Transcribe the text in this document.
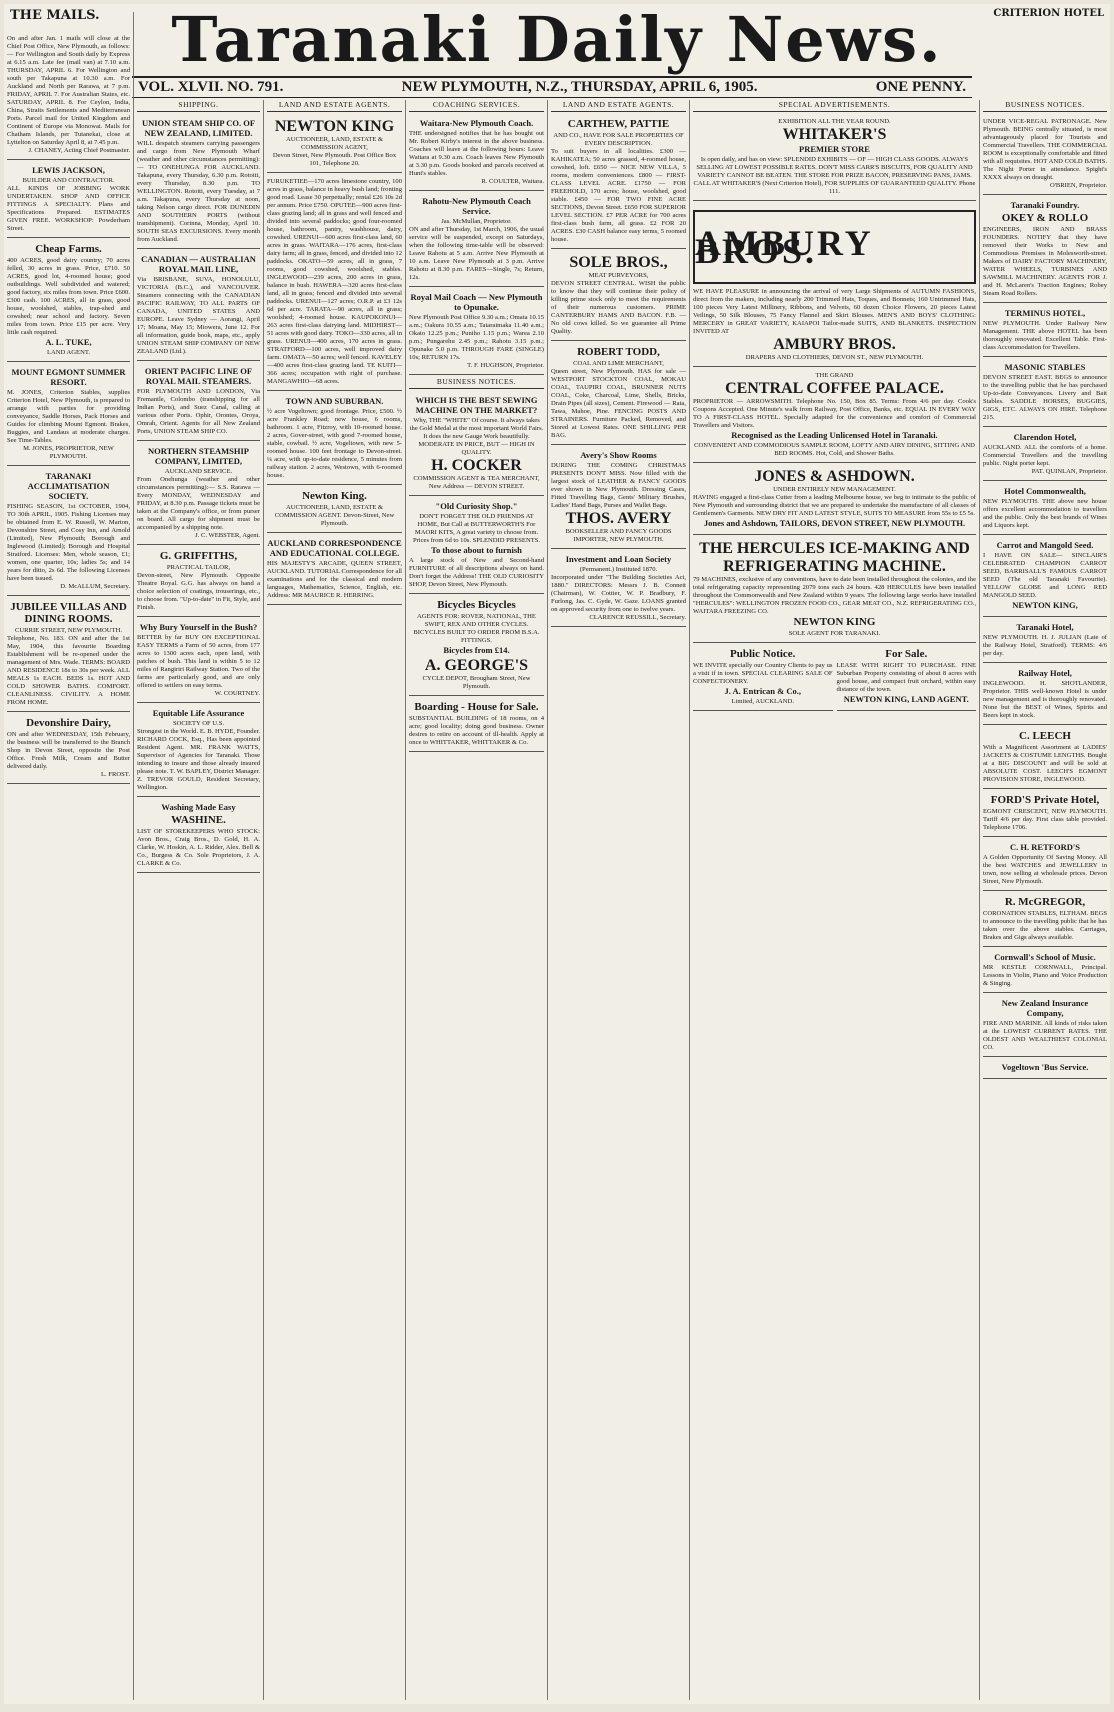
THE MAILS.	Taranaki Daily News.	CRITERION HOTEL
VOL. XLVII. NO. 791.	NEW PLYMOUTH, N.Z., THURSDAY, APRIL 6, 1905.	ONE PENNY.

On and after Jan. 1 mails will close at the Chief Post Office, New Plymouth, as follows:— For Wellington and South daily by Express at 6.15 a.m. Late fee (mail van) at 7.10 a.m. THURSDAY, APRIL 6. For Wellington and south per Takapuna at 10.30 a.m. For Auckland and North per Rarawa, at 7 p.m. FRIDAY, APRIL 7. For Australian States, etc. SATURDAY, APRIL 8. For Ceylon, India, China, Straits Settlements and Mediterranean Ports. Parcel mail for United Kingdom and Continent of Europe via Monowai. Mails for Chatham Islands, per Tutanekai, close at Lyttelton on Saturday April 8, at 7.45 p.m.

J. CHANEY, Acting Chief Postmaster.

LEWIS JACKSON,

BUILDER AND CONTRACTOR.

ALL KINDS OF JOBBING WORK UNDERTAKEN. SHOP AND OFFICE FITTINGS A SPECIALTY. Plans and Specifications Prepared. ESTIMATES GIVEN FREE. WORKSHOP: Powderham Street.

Cheap Farms.

400 ACRES, good dairy country; 70 acres felled, 30 acres in grass. Price, £710. 50 ACRES, good lot, 4-roomed house; good outbuildings. Well subdivided and watered; good factory, six miles from town. Price £600. £300 cash. 100 ACRES, all in grass, good house, woolshed, stables, trap-shed and cowshed; near school and factory. Seven miles from town. Price £15 per acre. Very little cash required.

A. L. TUKE,

LAND AGENT.

MOUNT EGMONT SUMMER RESORT.

M. JONES, Criterion Stables, supplies Criterion Hotel, New Plymouth, is prepared to arrange with parties for providing conveyance, Saddle Horses, Pack Horses and Guides for climbing Mount Egmont. Brakes, Buggies, and Landaus at moderate charges. See Time-Tables.

M. JONES, PROPRIETOR, NEW PLYMOUTH.

TARANAKI ACCLIMATISATION SOCIETY.

FISHING SEASON, 1st OCTOBER, 1904, TO 30th APRIL, 1905. Fishing Licenses may be obtained from E. W. Russell, W. Marton, Devonshire Street, and Cosy Inn, and Arnold (Limited), New Plymouth; Borough and Inglewood (Limited); Borough and Hospital Stratford. Licenses: Men, whole season, £1; women, one quarter, 10s; ladies 5s; and 14 years for ditto, 2s 6d. The following Licenses have been issued.

D. McALLUM, Secretary.

JUBILEE VILLAS AND DINING ROOMS.

CURRIE STREET, NEW PLYMOUTH.

Telephone, No. 183. ON and after the 1st May, 1904, this favourite Boarding Establishment will be re-opened under the management of Mrs. Wade. TERMS: BOARD AND RESIDENCE 18s to 30s per week. ALL MEALS 1s EACH. BEDS 1s. HOT AND COLD SHOWER BATHS. COMFORT. CLEANLINESS. CIVILITY. A HOME FROM HOME.

Devonshire Dairy,

ON and after WEDNESDAY, 15th February, the business will be transferred to the Branch Shop in Devon Street, opposite the Post Office. Fresh Milk, Cream and Butter delivered daily.

L. FROST.

SHIPPING.
UNION STEAM SHIP CO. OF NEW ZEALAND, LIMITED.

WILL despatch steamers carrying passengers and cargo from New Plymouth Wharf (weather and other circumstances permitting):— TO ONEHUNGA FOR AUCKLAND. Takapuna, every Thursday, 6.30 p.m. Rotoiti, every Thursday, 8.30 p.m. TO WELLINGTON. Rotoiti, every Tuesday, at 7 a.m. Takapuna, every Thursday at noon, taking Nelson cargo direct. FOR DUNEDIN AND SOUTHERN PORTS (without transhipment). Corinna, Monday, April 10. SOUTH SEAS EXCURSIONS. Every month from Auckland.

CANADIAN — AUSTRALIAN ROYAL MAIL LINE,

Via BRISBANE, SUVA, HONOLULU, VICTORIA (B.C.), and VANCOUVER. Steamers connecting with the CANADIAN PACIFIC RAILWAY, TO ALL PARTS OF CANADA, UNITED STATES AND EUROPE. Leave Sydney — Aorangi, April 17; Moana, May 15; Miowera, June 12. For all information, guide book, maps, etc., apply UNION STEAM SHIP COMPANY OF NEW ZEALAND (Ltd.).

ORIENT PACIFIC LINE OF ROYAL MAIL STEAMERS.

FOR PLYMOUTH AND LONDON, Via Fremantle, Colombo (transhipping for all Indian Ports), and Suez Canal, calling at various other Ports. Ophir, Orontes, Oroya, Omrah, Orient. Agents for all New Zealand Ports, UNION STEAM SHIP CO.

NORTHERN STEAMSHIP COMPANY, LIMITED,

AUCKLAND SERVICE.

From Onehunga (weather and other circumstances permitting):— S.S. Rarawa — Every MONDAY, WEDNESDAY and FRIDAY, at 8.30 p.m. Passage tickets must be taken at the Company's office, or from purser on board. All cargo for shipment must be accompanied by a shipping note.

J. C. WEBSTER, Agent.

G. GRIFFITHS,

PRACTICAL TAILOR,

Devon-street, New Plymouth. Opposite Theatre Royal. G.G. has always on hand a choice selection of coatings, trouserings, etc., to choose from. "Up-to-date" in Fit, Style, and Finish.

Why Bury Yourself in the Bush?

BETTER by far BUY ON EXCEPTIONAL EASY TERMS a Farm of 50 acres, from 177 acres to 1300 acres each, open land, with patches of bush. This land is within 5 to 12 miles of Rangiriri Railway Station. Two of the farms are particularly good, and are only offered to settlers on easy terms.

W. COURTNEY.

Equitable Life Assurance

SOCIETY OF U.S.

Strongest in the World. E. B. HYDE, Founder. RICHARD COCK, Esq., Has been appointed Resident Agent. MR. FRANK WATTS, Supervisor of Agencies for Taranaki. Those intending to insure and those already insured please note. T. W. BAPLEY, District Manager. Z. TREVOR GOULD, Resident Secretary, Wellington.

Washing Made Easy
WASHINE.

LIST OF STOREKEEPERS WHO STOCK: Avon Bros., Craig Bros., D. Gold, H. A. Clarke, W. Hoskin, A. L. Ridder, Alex. Bell & Co., Burgess & Co. Sole Proprietors, J. A. CLARKE & Co.

LAND AND ESTATE AGENTS.
NEWTON KING

AUCTIONEER, LAND, ESTATE & COMMISSION AGENT,

Devon Street, New Plymouth. Post Office Box 101, Telephone 20.

FURUKETIEE—170 acres limestone country, 100 acres in grass, balance in heavy bush land; fronting good road. Lease 30 perpetually; rental £26 10s 2d per annum. Price £750. OPUTEE—900 acres first-class grazing land; all in grass and well fenced and divided into several paddocks; good four-roomed house, bathroom, pantry, washhouse, dairy, cowshed. URENUI—600 acres first-class land, 60 acres in grass. WAITARA—176 acres, first-class dairy farm; all in grass, fenced, and divided into 12 paddocks. OKATO—59 acres, all in grass, 7 rooms, good cowshed, woolshed, stables. INGLEWOOD—239 acres, 200 acres in grass, balance in bush. HAWERA—320 acres first-class land, all in grass; fenced and divided into several paddocks. URENUI—127 acres; O.R.P. at £3 12s 6d per acre. TARATA—90 acres, all in grass; woolshed; 4-roomed house. KAUPOKONUI—263 acres first-class dairying land. MIDHIRST—51 acres with good dairy. TOKO—330 acres, all in grass. URENUI—400 acres, 170 acres in grass. STRATFORD—100 acres, well improved dairy farm. OMATA—50 acres; well fenced. KAVELEY—400 acres first-class grazing land. TE KUITI—366 acres; occupation with right of purchase. MANGAWHIO—68 acres.

TOWN AND SUBURBAN.

½ acre Vogeltown; good frontage. Price, £500. ½ acre Frankley Road; new house, 6 rooms, bathroom. 1 acre, Fitzroy, with 10-roomed house. 2 acres, Gover-street, with good 7-roomed house, stable, cowbail. ½ acre, Vogeltown, with new 5-roomed house. 100 feet frontage to Devon-street. ¼ acre, with up-to-date residence, 5 minutes from railway station. 2 acres, Westown, with 6-roomed house.

Newton King.

AUCTIONEER, LAND, ESTATE & COMMISSION AGENT. Devon-Street, New Plymouth.

AUCKLAND CORRESPONDENCE AND EDUCATIONAL COLLEGE.

HIS MAJESTY'S ARCADE, QUEEN STREET, AUCKLAND. TUTORIAL Correspondence for all examinations and for the classical and modern languages, Mathematics, Science, English, etc. Address: MR MAURICE R. HERRING.

COACHING SERVICES.
Waitara-New Plymouth Coach.

THE undersigned notifies that he has bought out Mr. Robert Kirby's interest in the above business. Coaches will leave at the following hours: Leave Waitara at 9.30 a.m. Coach leaves New Plymouth at 3.30 p.m. Goods booked and parcels received at Hunt's stables.

R. COULTER, Waitara.

Rahotu-New Plymouth Coach Service.

Jas. McMullan, Proprietor.

ON and after Thursday, 1st March, 1906, the usual service will be suspended, except on Saturdays, when the following time-table will be observed: Leave Rahotu at 5 a.m. Arrive New Plymouth at 10 a.m. Leave New Plymouth at 3 p.m. Arrive Rahotu at 8.30 p.m. FARES—Single, 7s; Return, 12s.

Royal Mail Coach — New Plymouth to Opunake.

New Plymouth Post Office 9.30 a.m.; Omata 10.15 a.m.; Oakura 10.55 a.m.; Tataraimaka 11.40 a.m.; Okato 12.25 p.m.; Puniho 1.15 p.m.; Warea 2.10 p.m.; Pungarehu 2.45 p.m.; Rahotu 3.15 p.m.; Opunake 5.0 p.m. THROUGH FARE (SINGLE) 10s; RETURN 17s.

T. F. HUGHSON, Proprietor.

BUSINESS NOTICES.
WHICH IS THE BEST SEWING MACHINE ON THE MARKET?

Why, THE "WHITE" Of course. It always takes the Gold Medal at the most important World Fairs. It does the new Gauge Work beautifully. MODERATE IN PRICE, BUT — HIGH IN QUALITY.

H. COCKER

COMMISSION AGENT & TEA MERCHANT, New Address — DEVON STREET.

"Old Curiosity Shop."

DON'T FORGET THE OLD FRIENDS AT HOME, But Call at BUTTERWORTH'S For MAORI KITS, A great variety to choose from. Prices from 6d to 10s. SPLENDID PRESENTS.

To those about to furnish

A large stock of New and Second-hand FURNITURE of all descriptions always on hand. Don't forget the Address! THE OLD CURIOSITY SHOP, Devon Street, New Plymouth.

Bicycles Bicycles

AGENTS FOR: ROVER, NATIONAL, THE SWIFT, REX AND OTHER CYCLES. BICYCLES BUILT TO ORDER FROM B.S.A. FITTINGS.

Bicycles from £14.
A. GEORGE'S

CYCLE DEPOT, Brougham Street, New Plymouth.

Boarding - House for Sale.

SUBSTANTIAL BUILDING of 18 rooms, on 4 acre; good locality; doing good business. Owner desires to retire on account of ill-health. Apply at once to WHITTAKER, WHITTAKER & Co.

LAND AND ESTATE AGENTS.
CARTHEW, PATTIE

AND CO., HAVE FOR SALE PROPERTIES OF EVERY DESCRIPTION.

To suit buyers in all localities. £300 — KAHIKATEA; 50 acres grassed, 4-roomed house, cowshed, loft. £650 — NICE NEW VILLA, 5 rooms, modern conveniences. £800 — FIRST-CLASS LEVEL ACRE. £1750 — FOR FREEHOLD, 170 acres; house, woolshed, good stable. £450 — FOR TWO FINE ACRE SECTIONS, Devon Street. £650 FOR SUPERIOR LEVEL SECTION. £7 PER ACRE for 700 acres first-class bush farm, all grass. £2 FOR 20 ACRES. £30 CASH balance easy terms, 5 roomed house.

SOLE BROS.,

MEAT PURVEYORS,

DEVON STREET CENTRAL. WISH the public to know that they will continue their policy of killing prime stock only to meet the requirements of their numerous customers. PRIME CANTERBURY HAMS AND BACON. F.B. — No old cows killed. So we guarantee all Prime Quality.

ROBERT TODD,

COAL AND LIME MERCHANT,

Queen street, New Plymouth. HAS for sale — WESTPORT STOCKTON COAL, MOKAU COAL, TAUPIRI COAL, BRUNNER NUTS COAL, Coke, Charcoal, Lime, Shells, Bricks, Drain Pipes (all sizes), Cement. Firewood — Rata, Tawa, Mahoe, Pine. FENCING POSTS AND STRAINERS. Furniture Packed, Removed, and Stored at Lowest Rates. ONE SHILLING PER BAG.

Avery's Show Rooms

DURING THE COMING CHRISTMAS PRESENTS DON'T MISS. Now filled with the largest stock of LEATHER & FANCY GOODS ever shown in New Plymouth. Dressing Cases, Fitted Travelling Bags, Gents' Military Brushes, Ladies' Hand Bags, Purses and Wallet Bags.

THOS. AVERY

BOOKSELLER AND FANCY GOODS IMPORTER, NEW PLYMOUTH.

Investment and Loan Society

(Permanent.) Instituted 1870.

Incorporated under "The Building Societies Act, 1880." DIRECTORS: Messrs J. B. Connett (Chairman), W. Cottier, W. P. Bradbury, F. Furlong, Jas. C. Gyde, W. Gaze. LOANS granted on approved security from one to twelve years.

CLARENCE REUSSILL, Secretary.

SPECIAL ADVERTISEMENTS.

EXHIBITION ALL THE YEAR ROUND.

WHITAKER'S
PREMIER STORE

Is open daily, and has on view: SPLENDID EXHIBITS — OF — HIGH CLASS GOODS. ALWAYS SELLING AT LOWEST POSSIBLE RATES. DON'T MISS CARR'S BISCUITS, FOR QUALITY AND VARIETY CANNOT BE BEATEN. THE STORE FOR PRIZE BACON, PRESERVING PANS, JAMS. CALL AT WHITAKER'S (Next Criterion Hotel), FOR SUPPLIES OF GUARANTEED QUALITY. Phone 111.

AMBURY BROS.

WE HAVE PLEASURE in announcing the arrival of very Large Shipments of AUTUMN FASHIONS, direct from the makers, including nearly 200 Trimmed Hats, Toques, and Bonnets; 160 Untrimmed Hats, 100 pieces Very Latest Millinery, Ribbons, and Velvets, 60 dozen Choice Flowers, 20 pieces Latest Veilings, 50 Silk Blouses, 75 Fancy Flannel and Skirt Blouses. MEN'S AND BOYS' CLOTHING: MERCERY in GREAT VARIETY, KAIAPOI Tailor-made SUITS, AND BLANKETS. INSPECTION INVITED AT

AMBURY BROS.

DRAPERS AND CLOTHIERS, DEVON ST., NEW PLYMOUTH.

THE GRAND

CENTRAL COFFEE PALACE.

PROPRIETOR — ARROWSMITH. Telephone No. 150, Box 85. Terms: From 4/6 per day. Cook's Coupons Accepted. One Minute's walk from Railway, Post Office, Banks, etc. EQUAL IN EVERY WAY TO A FIRST-CLASS HOTEL. Specially adapted for the convenience and comfort of Commercial Travellers and Visitors.

Recognised as the Leading Unlicensed Hotel in Taranaki.

CONVENIENT AND COMMODIOUS SAMPLE ROOM, LOFTY AND AIRY DINING, SITTING AND BED ROOMS. Hot, Cold, and Shower Baths.

JONES & ASHDOWN.

UNDER ENTIRELY NEW MANAGEMENT.

HAVING engaged a first-class Cutter from a leading Melbourne house, we beg to intimate to the public of New Plymouth and surrounding district that we are prepared to undertake the manufacture of all classes of Gentlemen's Garments. NEW DRY FIT AND LATEST STYLE, SUITS TO MEASURE from 55s to £5 5s.

Jones and Ashdown, TAILORS, DEVON STREET, NEW PLYMOUTH.
THE HERCULES ICE-MAKING AND REFRIGERATING MACHINE.

79 MACHINES, exclusive of any conventions, have to date been installed throughout the colonies, and the total refrigerating capacity representing 2079 tons each 24 hours. 428 HERCULES have been installed throughout the Commonwealth and New Zealand within 9 years. The following large works have installed "HERCULES": WELLINGTON FROZEN FOOD CO., GEAR MEAT CO., N.Z. REFRIGERATING CO., WAITARA FREEZING CO.

NEWTON KING

SOLE AGENT FOR TARANAKI.

Public Notice.

WE INVITE specially our Country Clients to pay us a visit if in town. SPECIAL CLEARING SALE OF CONFECTIONERY.

J. A. Entrican & Co.,

Limited, AUCKLAND.

For Sale.

LEASE WITH RIGHT TO PURCHASE. FINE Suburban Property consisting of about 8 acres with good house, and compact fruit orchard, within easy distance of the town.

NEWTON KING, LAND AGENT.
BUSINESS NOTICES.

UNDER VICE-REGAL PATRONAGE. New Plymouth. BEING centrally situated, is most advantageously placed for Tourists and Commercial Travellers. THE COMMERCIAL ROOM is exceptionally comfortable and fitted with all requisites. HOT AND COLD BATHS. The Night Porter in attendance. Spight's XXXX always on draught.

O'BRIEN, Proprietor.

Taranaki Foundry.
OKEY & ROLLO

ENGINEERS, IRON AND BRASS FOUNDERS. NOTIFY that they have removed their Works to New and Commodious Premises in Molesworth-street. Makers of DAIRY FACTORY MACHINERY, WATER WHEELS, TURBINES AND SAWMILL MACHINERY. AGENTS FOR J. and H. McLaren's Traction Engines; Robey Steam Road Rollers.

TERMINUS HOTEL,

NEW PLYMOUTH. Under Railway New Management. THE above HOTEL has been thoroughly renovated. Excellent Table. First-class Accommodation for Travellers.

MASONIC STABLES

DEVON STREET EAST. BEGS to announce to the travelling public that he has purchased Up-to-date Conveyances. Livery and Bait Stables. SADDLE HORSES, BUGGIES, GIGS, ETC. ALWAYS ON HIRE. Telephone 215.

Clarendon Hotel,

AUCKLAND. ALL the comforts of a home. Commercial Travellers and the travelling public. Night porter kept.

PAT. QUINLAN, Proprietor.

Hotel Commonwealth,

NEW PLYMOUTH. THE above new house offers excellent accommodation to travellers and the public. Only the best brands of Wines and Liquors kept.

Carrot and Mangold Seed.

I HAVE ON SALE— SINCLAIR'S CELEBRATED CHAMPION CARROT SEED, BARRISALL'S FAMOUS CARROT SEED (The old Taranaki Favourite). YELLOW GLOBE and LONG RED MANGOLD SEED.

NEWTON KING,
Taranaki Hotel,

NEW PLYMOUTH. H. J. JULIAN (Late of the Railway Hotel, Stratford). TERMS: 4/6 per day.

Railway Hotel,

INGLEWOOD. H. SHOTLANDER, Proprietor. THIS well-known Hotel is under new management and is thoroughly renovated. None but the BEST of Wines, Spirits and Beers kept in stock.

C. LEECH

With a Magnificent Assortment at LADIES' JACKETS & COSTUME LENGTHS. Bought at a BIG DISCOUNT and will be sold at ABSOLUTE COST. LEECH'S EGMONT PROVISION STORE, INGLEWOOD.

FORD'S Private Hotel,

EGMONT CRESCENT, NEW PLYMOUTH. Tariff 4/6 per day. First class table provided. Telephone 1706.

C. H. RETFORD'S

A Golden Opportunity Of Saving Money. All the best WATCHES and JEWELLERY in town, now selling at wholesale prices. Devon Street, New Plymouth.

R. McGREGOR,

CORONATION STABLES, ELTHAM. BEGS to announce to the travelling public that he has taken over the above stables. Carriages, Brakes and Gigs always available.

Cornwall's School of Music.

MR KESTLE CORNWALL, Principal. Lessons in Violin, Piano and Voice Production & Singing.

New Zealand Insurance Company,

FIRE AND MARINE. All kinds of risks taken at the LOWEST CURRENT RATES. THE OLDEST AND WEALTHIEST COLONIAL CO.

Vogeltown 'Bus Service.
